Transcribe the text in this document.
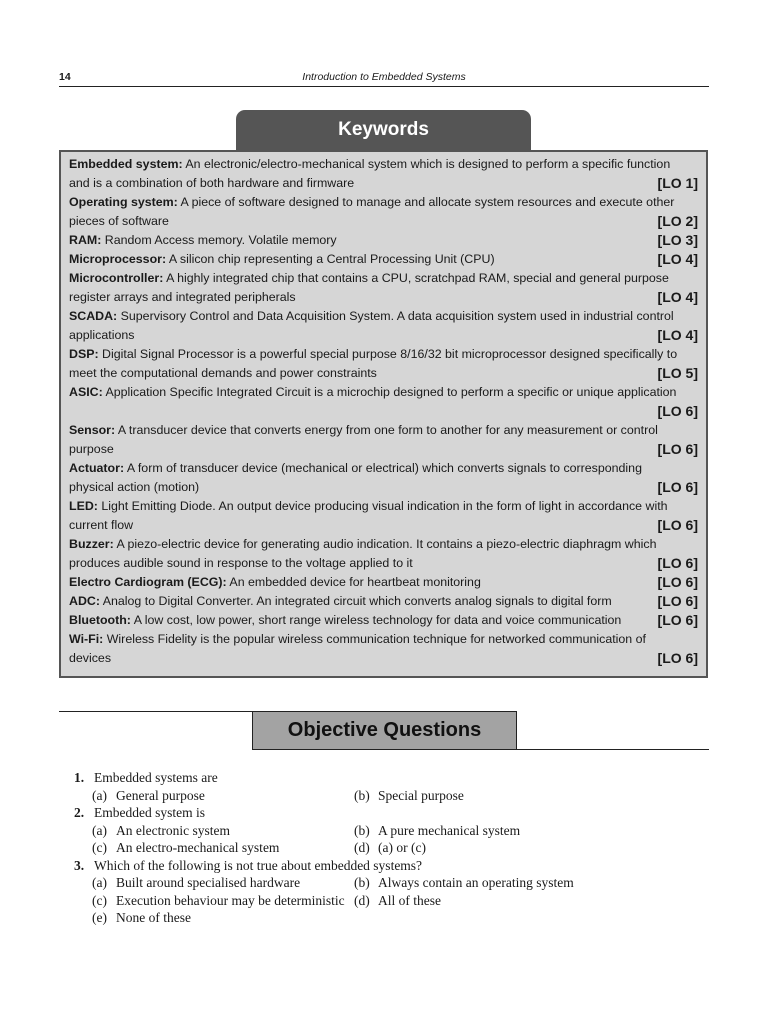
14	Introduction to Embedded Systems
Keywords
Embedded system: An electronic/electro-mechanical system which is designed to perform a specific function
and is a combination of both hardware and firmware	[LO 1]
Operating system: A piece of software designed to manage and allocate system resources and execute other
pieces of software	[LO 2]
RAM: Random Access memory. Volatile memory	[LO 3]
Microprocessor: A silicon chip representing a Central Processing Unit (CPU)	[LO 4]
Microcontroller: A highly integrated chip that contains a CPU, scratchpad RAM, special and general purpose
register arrays and integrated peripherals	[LO 4]
SCADA: Supervisory Control and Data Acquisition System. A data acquisition system used in industrial control
applications	[LO 4]
DSP: Digital Signal Processor is a powerful special purpose 8/16/32 bit microprocessor designed specifically to
meet the computational demands and power constraints	[LO 5]
ASIC: Application Specific Integrated Circuit is a microchip designed to perform a specific or unique application
[LO 6]
Sensor: A transducer device that converts energy from one form to another for any measurement or control
purpose	[LO 6]
Actuator: A form of transducer device (mechanical or electrical) which converts signals to corresponding
physical action (motion)	[LO 6]
LED: Light Emitting Diode. An output device producing visual indication in the form of light in accordance with
current flow	[LO 6]
Buzzer: A piezo-electric device for generating audio indication. It contains a piezo-electric diaphragm which
produces audible sound in response to the voltage applied to it	[LO 6]
Electro Cardiogram (ECG): An embedded device for heartbeat monitoring	[LO 6]
ADC: Analog to Digital Converter. An integrated circuit which converts analog signals to digital form	[LO 6]
Bluetooth: A low cost, low power, short range wireless technology for data and voice communication	[LO 6]
Wi-Fi: Wireless Fidelity is the popular wireless communication technique for networked communication of
devices	[LO 6]
Objective Questions
1. Embedded systems are
(a) General purpose	(b) Special purpose
2. Embedded system is
(a) An electronic system	(b) A pure mechanical system
(c) An electro-mechanical system	(d) (a) or (c)
3. Which of the following is not true about embedded systems?
(a) Built around specialised hardware	(b) Always contain an operating system
(c) Execution behaviour may be deterministic (d) All of these
(e) None of these
